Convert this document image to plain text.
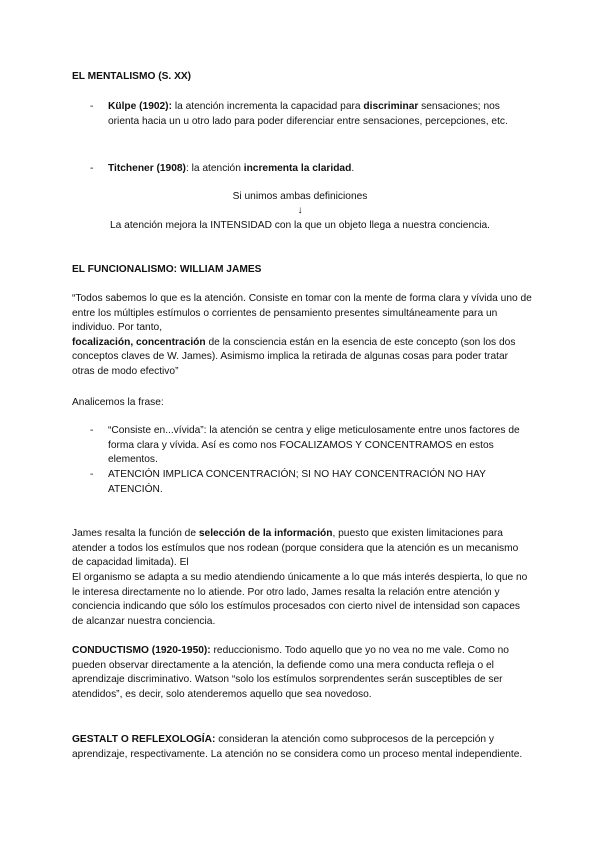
EL MENTALISMO (S. XX)
- Külpe (1902): la atención incrementa la capacidad para discriminar sensaciones; nos orienta hacia un u otro lado para poder diferenciar entre sensaciones, percepciones, etc.
- Titchener (1908): la atención incrementa la claridad.
Si unimos ambas definiciones
↓
La atención mejora la INTENSIDAD con la que un objeto llega a nuestra conciencia.
EL FUNCIONALISMO: WILLIAM JAMES
“Todos sabemos lo que es la atención. Consiste en tomar con la mente de forma clara y vívida uno de entre los múltiples estímulos o corrientes de pensamiento presentes simultáneamente para un individuo. Por tanto,
focalización, concentración de la consciencia están en la esencia de este concepto (son los dos conceptos claves de W. James). Asimismo implica la retirada de algunas cosas para poder tratar otras de modo efectivo”
Analicemos la frase:
- “Consiste en...vívida”: la atención se centra y elige meticulosamente entre unos factores de forma clara y vívida. Así es como nos FOCALIZAMOS Y CONCENTRAMOS en estos elementos.
- ATENCIÓN IMPLICA CONCENTRACIÓN; SI NO HAY CONCENTRACIÓN NO HAY ATENCIÓN.
James resalta la función de selección de la información, puesto que existen limitaciones para atender a todos los estímulos que nos rodean (porque considera que la atención es un mecanismo de capacidad limitada). El
El organismo se adapta a su medio atendiendo únicamente a lo que más interés despierta, lo que no le interesa directamente no lo atiende. Por otro lado, James resalta la relación entre atención y conciencia indicando que sólo los estímulos procesados con cierto nivel de intensidad son capaces de alcanzar nuestra conciencia.
CONDUCTISMO (1920-1950): reduccionismo. Todo aquello que yo no vea no me vale. Como no pueden observar directamente a la atención, la defiende como una mera conducta refleja o el aprendizaje discriminativo. Watson “solo los estímulos sorprendentes serán susceptibles de ser atendidos”, es decir, solo atenderemos aquello que sea novedoso.
GESTALT O REFLEXOLOGÍA: consideran la atención como subprocesos de la percepción y aprendizaje, respectivamente. La atención no se considera como un proceso mental independiente.
